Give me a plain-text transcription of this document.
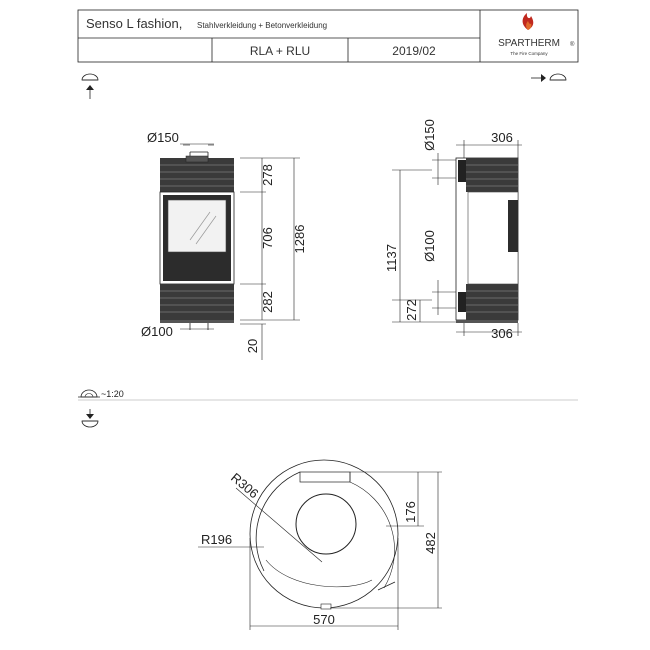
Senso L fashion, Stahlverkleidung + Betonverkleidung
RLA + RLU	2019/02
SPARTHERM ®
The Fire Company
Ø150
Ø100
278
706
282
1286
20
306
Ø150
Ø100
1137
272
306
~1:20
R306
R196
176
482
570
